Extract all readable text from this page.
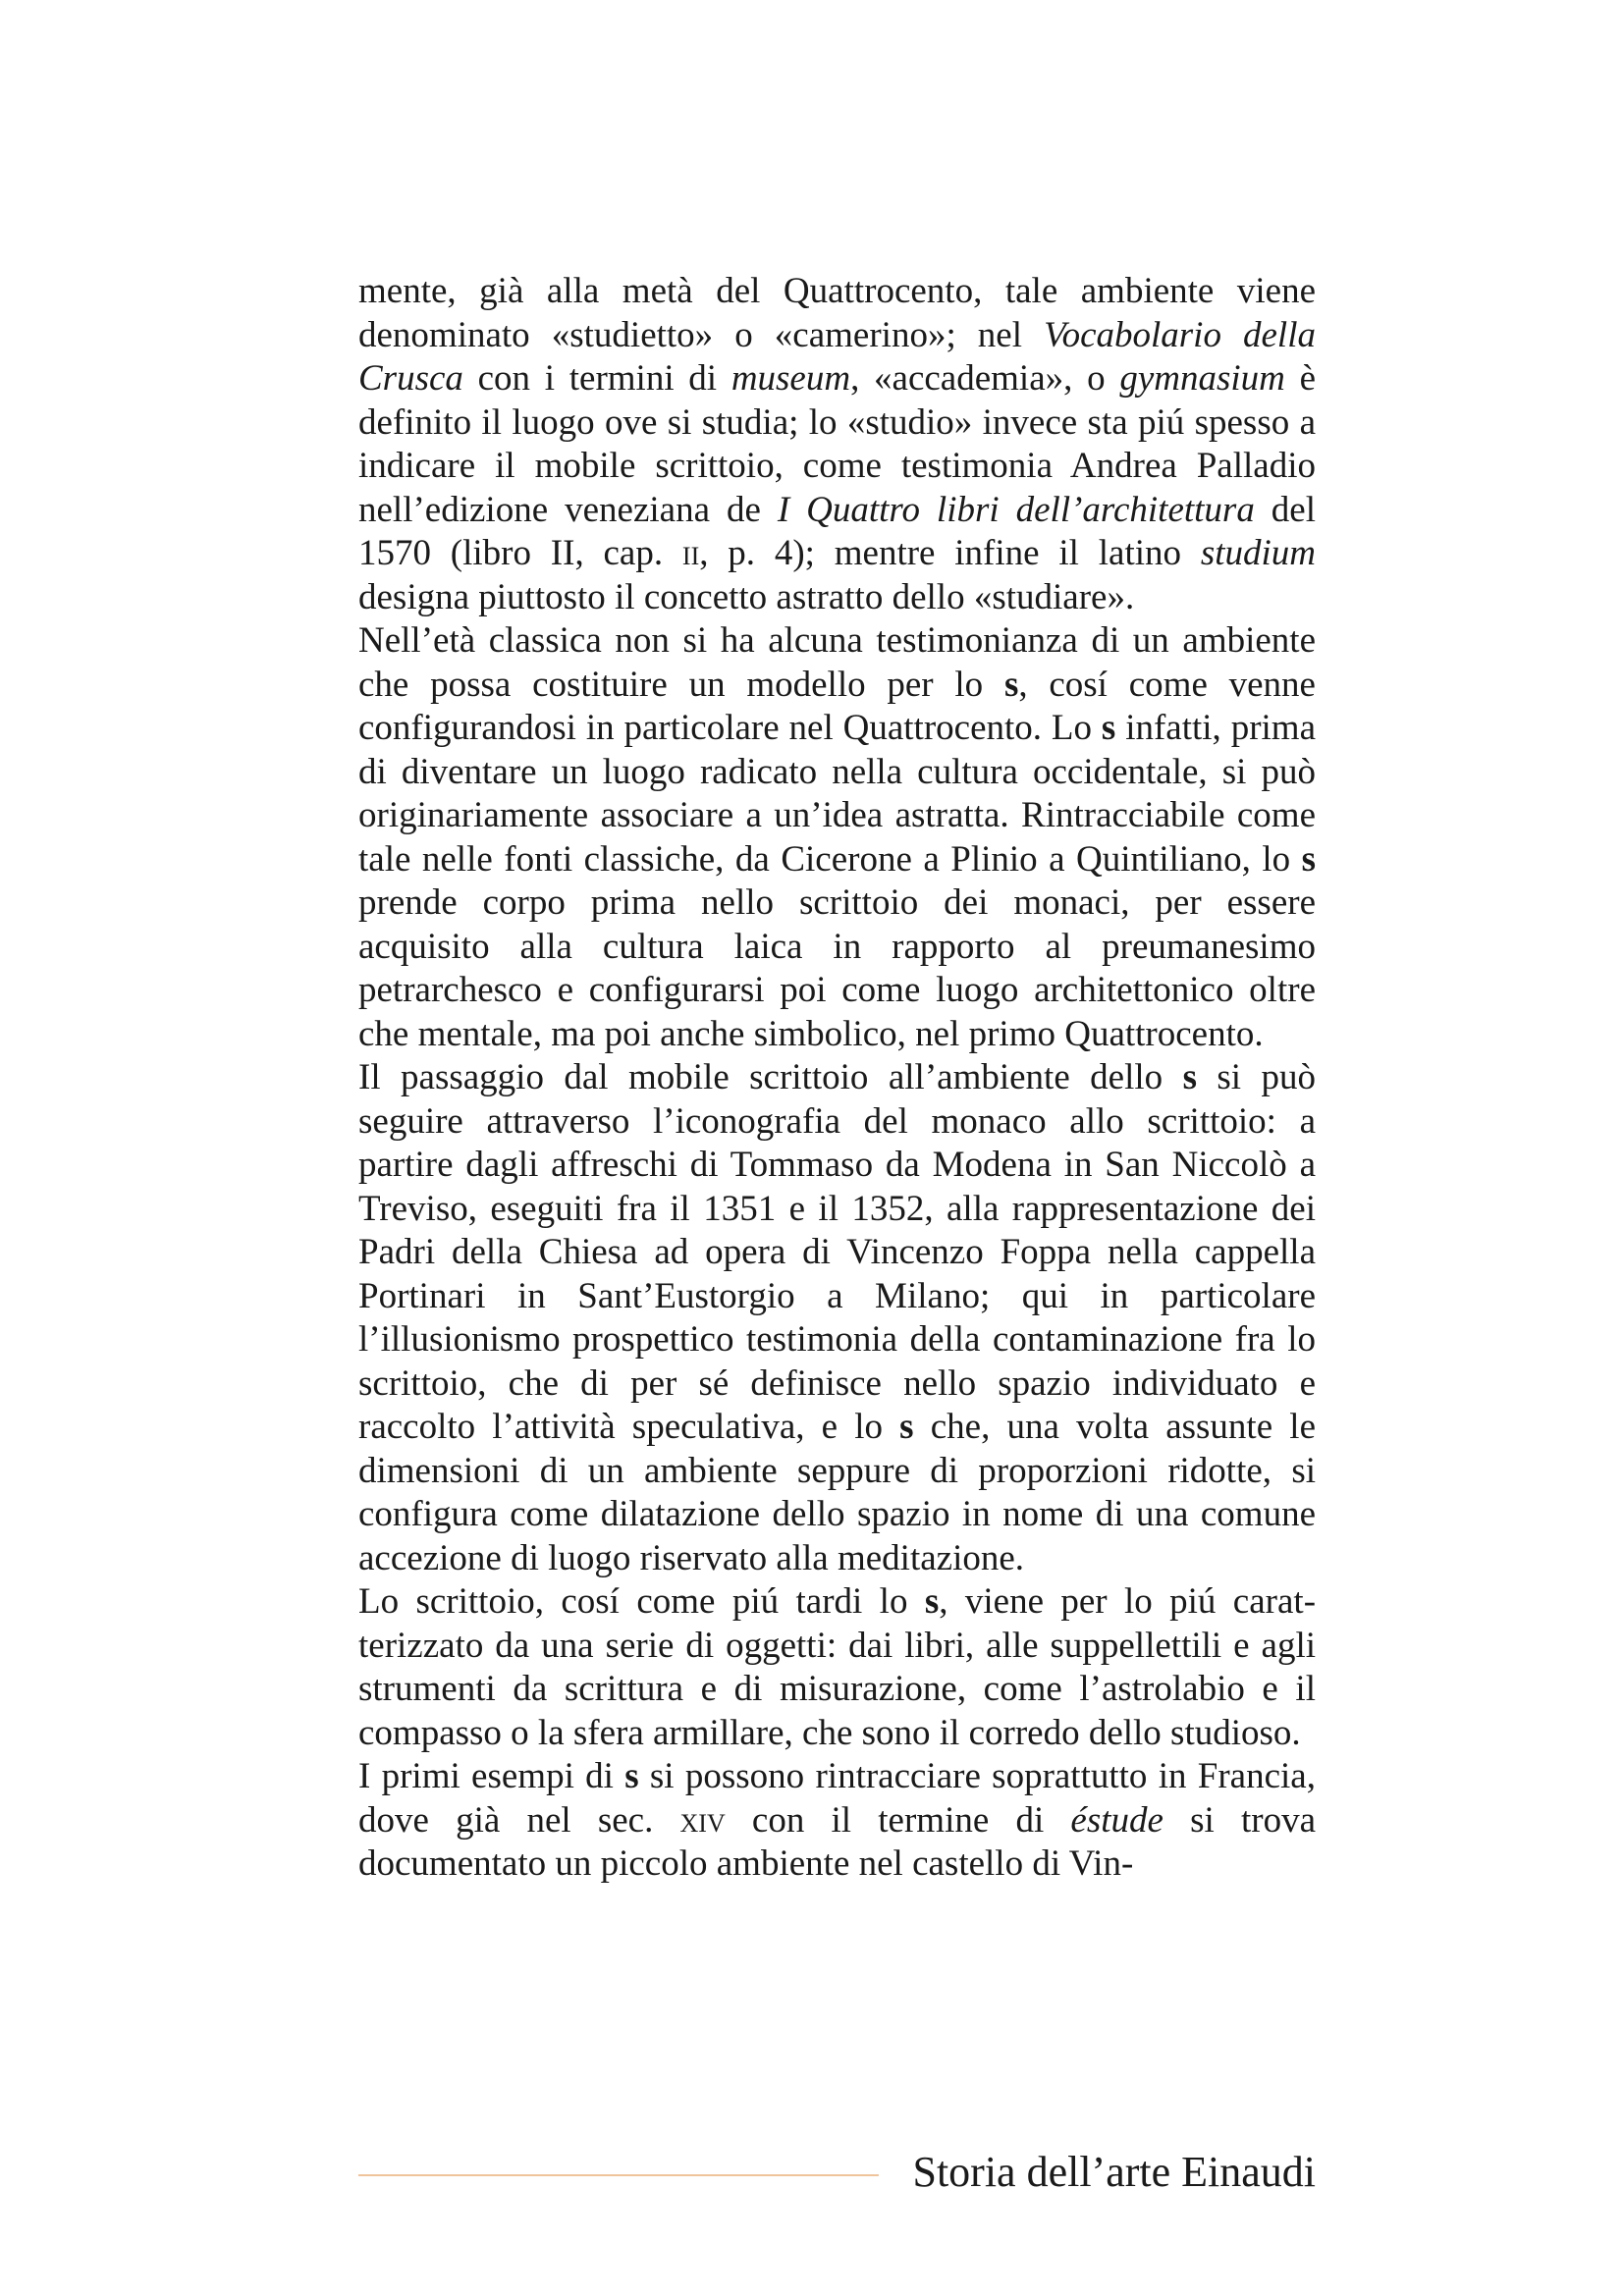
mente, già alla metà del Quattrocento, tale ambiente viene denominato «studietto» o «camerino»; nel Vocabolario della Crusca con i termini di museum, «accademia», o gymnasium è definito il luogo ove si studia; lo «studio» invece sta piú spesso a indicare il mobile scrittoio, come testimonia Andrea Palladio nell’edizione veneziana de I Quattro libri dell’architettura del 1570 (libro II, cap. ii, p. 4); mentre infine il latino studium designa piuttosto il concetto astratto dello «studiare».

Nell’età classica non si ha alcuna testimonianza di un ambiente che possa costituire un modello per lo s, cosí come venne configurandosi in particolare nel Quattrocento. Lo s infatti, prima di diventare un luogo radicato nella cultura occidentale, si può originariamente associare a un’idea astratta. Rintracciabile come tale nelle fonti classiche, da Cicerone a Plinio a Quintiliano, lo s prende corpo prima nello scrittoio dei monaci, per essere acquisito alla cultura laica in rapporto al preumanesimo petrarchesco e configurarsi poi come luogo architettonico oltre che mentale, ma poi anche simbolico, nel primo Quattrocento.

Il passaggio dal mobile scrittoio all’ambiente dello s si può seguire attraverso l’iconografia del monaco allo scrittoio: a partire dagli affreschi di Tommaso da Modena in San Niccolò a Treviso, eseguiti fra il 1351 e il 1352, alla rappresentazione dei Padri della Chiesa ad opera di Vincenzo Foppa nella cappella Portinari in Sant’Eustorgio a Milano; qui in particolare l’illusionismo prospettico testimonia della contaminazione fra lo scrittoio, che di per sé definisce nello spazio individuato e raccolto l’attività speculativa, e lo s che, una volta assunte le dimensioni di un ambiente seppure di proporzioni ridotte, si configura come dilatazione dello spazio in nome di una comune accezione di luogo riservato alla meditazione.

Lo scrittoio, cosí come piú tardi lo s, viene per lo piú caratterizzato da una serie di oggetti: dai libri, alle suppellettili e agli strumenti da scrittura e di misurazione, come l’astrolabio e il compasso o la sfera armillare, che sono il corredo dello studioso.

I primi esempi di s si possono rintracciare soprattutto in Francia, dove già nel sec. xiv con il termine di éstude si trova documentato un piccolo ambiente nel castello di Vin-

Storia dell’arte Einaudi
